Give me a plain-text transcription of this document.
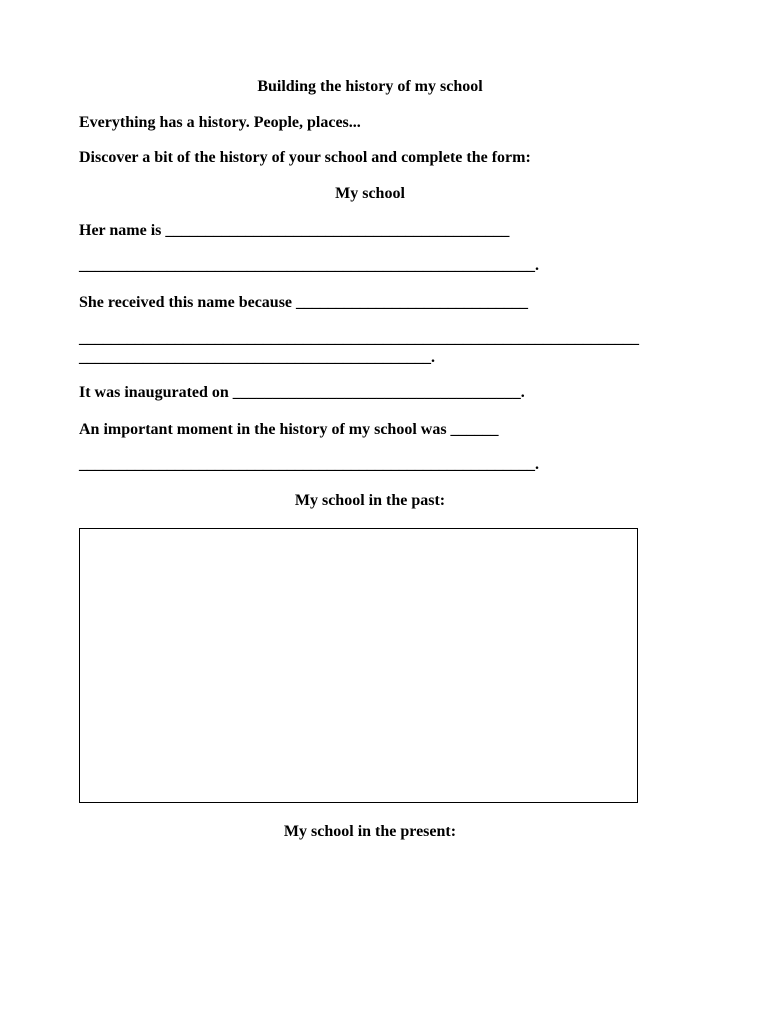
Building the history of my school

Everything has a history. People, places...

Discover a bit of the history of your school and complete the form:

My school

Her name is ___________________________________________

_________________________________________________________.

She received this name because _____________________________

______________________________________________________________________

____________________________________________.

It was inaugurated on ____________________________________.

An important moment in the history of my school was ______

_________________________________________________________.

My school in the past:

My school in the present:
